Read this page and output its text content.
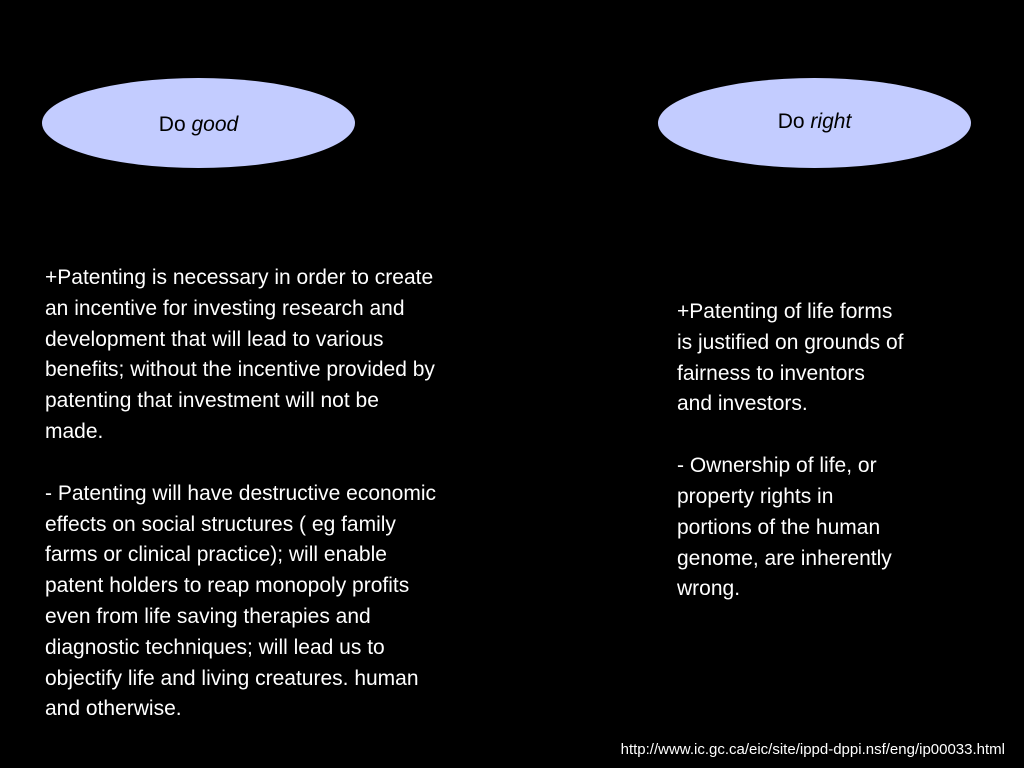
Do good	Do right

+Patenting is necessary in order to create
an incentive for investing research and
development that will lead to various
benefits; without the incentive provided by
patenting that investment will not be
made.

- Patenting will have destructive economic
effects on social structures ( eg family
farms or clinical practice); will enable
patent holders to reap monopoly profits
even from life saving therapies and
diagnostic techniques; will lead us to
objectify life and living creatures. human
and otherwise.

+Patenting of life forms
is justified on grounds of
fairness to inventors
and investors.

- Ownership of life, or
property rights in
portions of the human
genome, are inherently
wrong.

http://www.ic.gc.ca/eic/site/ippd-dppi.nsf/eng/ip00033.html
